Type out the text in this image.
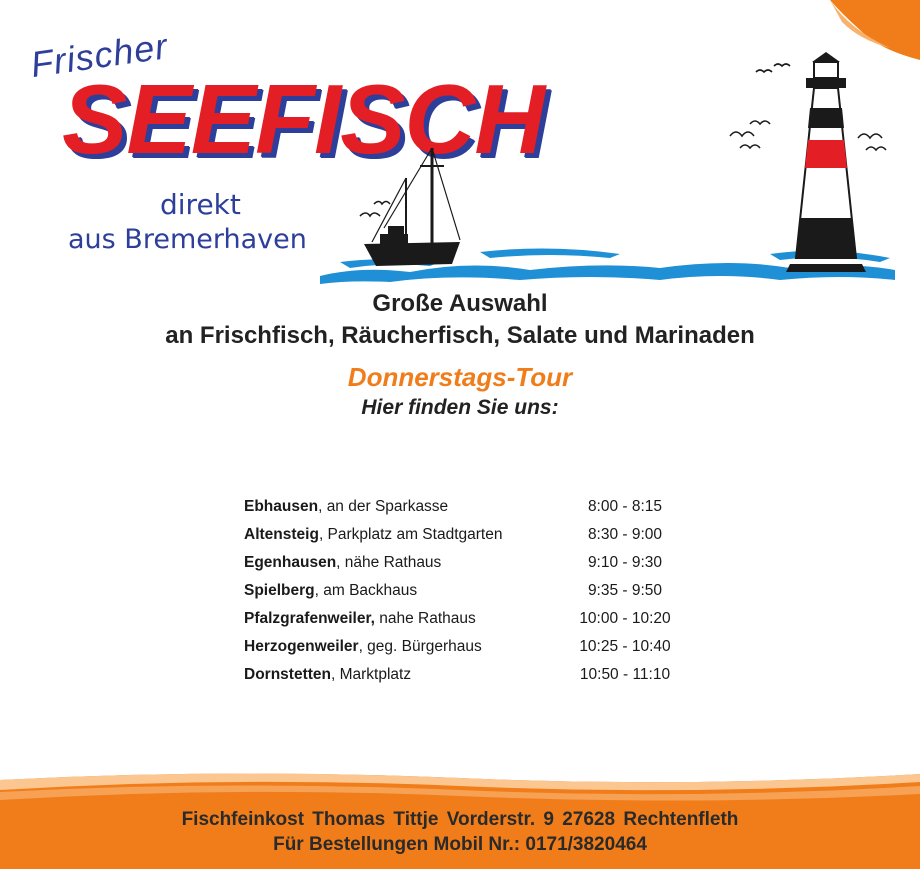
Frischer
SEEFISCH
direkt
aus Bremerhaven
Große Auswahl
an Frischfisch, Räucherfisch, Salate und Marinaden
Donnerstags-Tour
Hier finden Sie uns:
Ebhausen, an der Sparkasse	8:00 - 8:15
Altensteig, Parkplatz am Stadtgarten	8:30 - 9:00
Egenhausen, nähe Rathaus	9:10 - 9:30
Spielberg, am Backhaus	9:35 - 9:50
Pfalzgrafenweiler, nahe Rathaus	10:00 - 10:20
Herzogenweiler, geg. Bürgerhaus	10:25 - 10:40
Dornstetten, Marktplatz	10:50 - 11:10
Fischfeinkost Thomas Tittje Vorderstr. 9 27628 Rechtenfleth
Für Bestellungen Mobil Nr.: 0171/3820464
